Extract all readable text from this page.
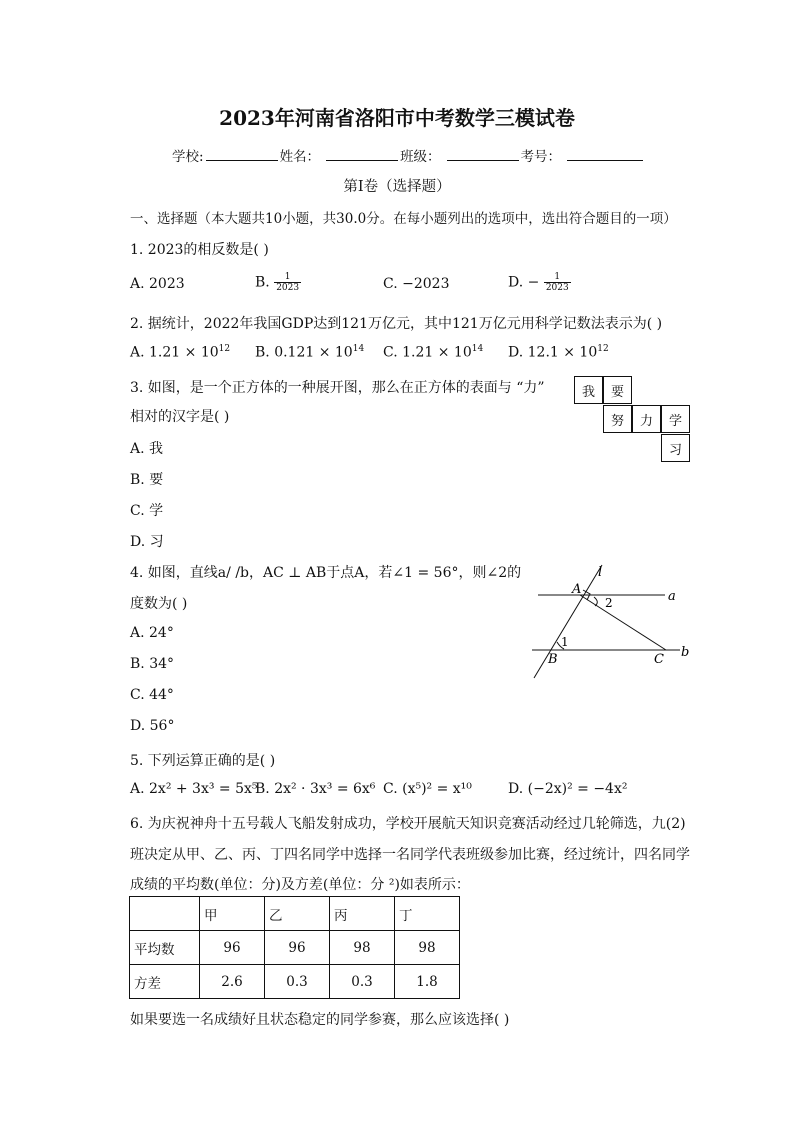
2023年河南省洛阳市中考数学三模试卷
学校:	姓名：	班级：	考号：
第Ⅰ卷（选择题）
一、选择题（本大题共10小题，共30.0分。在每小题列出的选项中，选出符合题目的一项）
1. 2023的相反数是( )
A. 2023	B. $\frac{1}{2023}$	C. −2023	D. − $\frac{1}{2023}$
2. 据统计，2022年我国GDP达到121万亿元，其中121万亿元用科学记数法表示为( )
A. $1.21 \times 10^{12}$ B. $0.121 \times 10^{14}$ C. $1.21 \times 10^{14}$ D. $12.1 \times 10^{12}$
3. 如图，是一个正方体的一种展开图，那么在正方体的表面与 “力”
相对的汉字是( )
A. 我
B. 要
C. 学
D. 习
我	要
努	力	学
习
4. 如图，直线a/ /b，AC ⊥ AB于点A，若∠1 = 56°，则∠2的
度数为( )
A. 24°
B. 34°
C. 44°
D. 56°
l
a
b
A
B	C
1
2
5. 下列运算正确的是( )
A. 2x² + 3x³ = 5x⁵
B. 2x² · 3x³ = 6x⁶ C. (x⁵)² = x¹⁰	D. (−2x)² = −4x²
6. 为庆祝神舟十五号载人飞船发射成功，学校开展航天知识竞赛活动经过几轮筛选，九(2)
班决定从甲、乙、丙、丁四名同学中选择一名同学代表班级参加比赛，经过统计，四名同学
成绩的平均数(单位：分)及方差(单位：分 ²)如表所示：
	甲	乙	丙	丁
平均数	96	96	98	98
方差	2.6	0.3	0.3	1.8
如果要选一名成绩好且状态稳定的同学参赛，那么应该选择( )
